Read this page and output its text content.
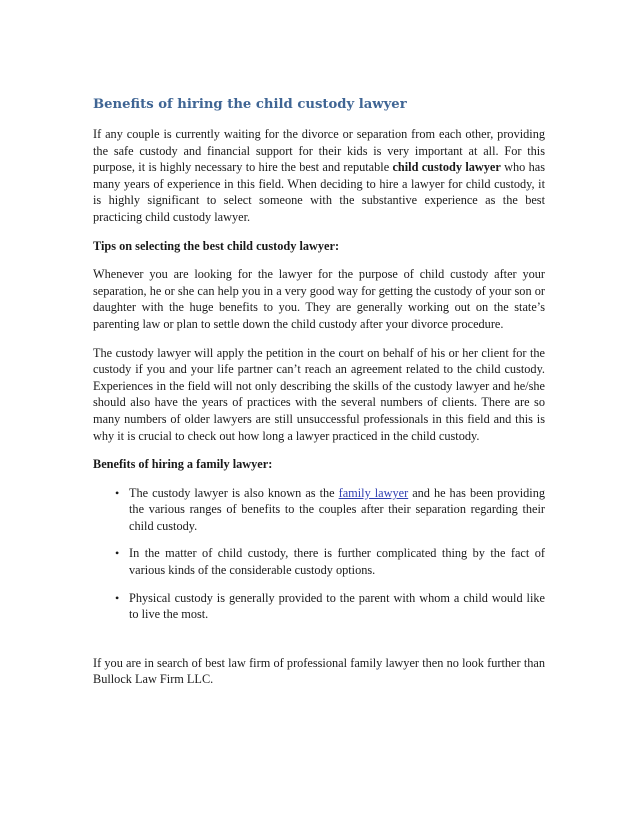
Benefits of hiring the child custody lawyer

If any couple is currently waiting for the divorce or separation from each other, providing the safe custody and financial support for their kids is very important at all. For this purpose, it is highly necessary to hire the best and reputable child custody lawyer who has many years of experience in this field. When deciding to hire a lawyer for child custody, it is highly significant to select someone with the substantive experience as the best practicing child custody lawyer.

Tips on selecting the best child custody lawyer:

Whenever you are looking for the lawyer for the purpose of child custody after your separation, he or she can help you in a very good way for getting the custody of your son or daughter with the huge benefits to you. They are generally working out on the state’s parenting law or plan to settle down the child custody after your divorce procedure.

The custody lawyer will apply the petition in the court on behalf of his or her client for the custody if you and your life partner can’t reach an agreement related to the child custody. Experiences in the field will not only describing the skills of the custody lawyer and he/she should also have the years of practices with the several numbers of clients. There are so many numbers of older lawyers are still unsuccessful professionals in this field and this is why it is crucial to check out how long a lawyer practiced in the child custody.

Benefits of hiring a family lawyer:

• The custody lawyer is also known as the family lawyer and he has been providing the various ranges of benefits to the couples after their separation regarding their child custody.
• In the matter of child custody, there is further complicated thing by the fact of various kinds of the considerable custody options.
• Physical custody is generally provided to the parent with whom a child would like to live the most.

If you are in search of best law firm of professional family lawyer then no look further than Bullock Law Firm LLC.
